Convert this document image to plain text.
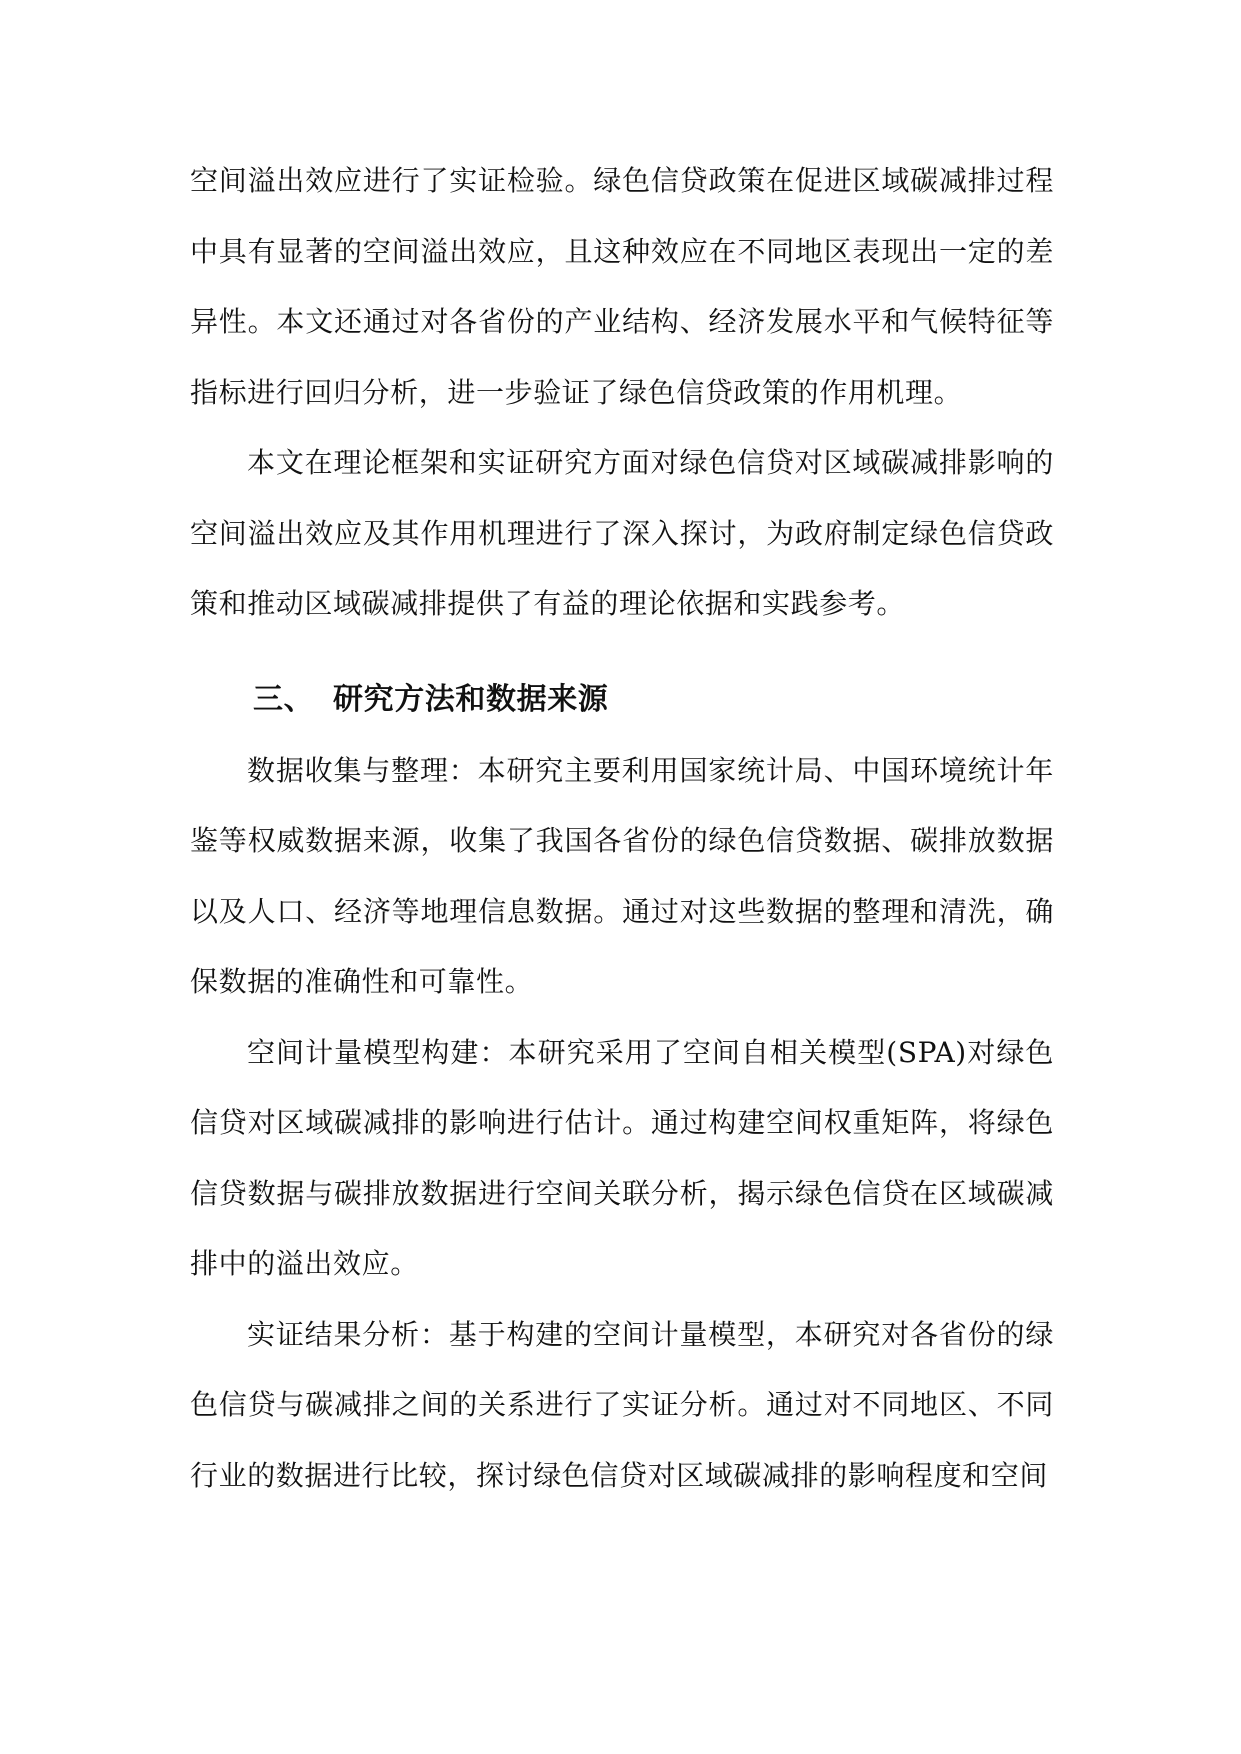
空间溢出效应进行了实证检验。绿色信贷政策在促进区域碳减排过程中具有显著的空间溢出效应，且这种效应在不同地区表现出一定的差异性。本文还通过对各省份的产业结构、经济发展水平和气候特征等指标进行回归分析，进一步验证了绿色信贷政策的作用机理。

本文在理论框架和实证研究方面对绿色信贷对区域碳减排影响的空间溢出效应及其作用机理进行了深入探讨，为政府制定绿色信贷政策和推动区域碳减排提供了有益的理论依据和实践参考。

三、 研究方法和数据来源

数据收集与整理：本研究主要利用国家统计局、中国环境统计年鉴等权威数据来源，收集了我国各省份的绿色信贷数据、碳排放数据以及人口、经济等地理信息数据。通过对这些数据的整理和清洗，确保数据的准确性和可靠性。

空间计量模型构建：本研究采用了空间自相关模型(SPA)对绿色信贷对区域碳减排的影响进行估计。通过构建空间权重矩阵，将绿色信贷数据与碳排放数据进行空间关联分析，揭示绿色信贷在区域碳减排中的溢出效应。

实证结果分析：基于构建的空间计量模型，本研究对各省份的绿色信贷与碳减排之间的关系进行了实证分析。通过对不同地区、不同行业的数据进行比较，探讨绿色信贷对区域碳减排的影响程度和空间
